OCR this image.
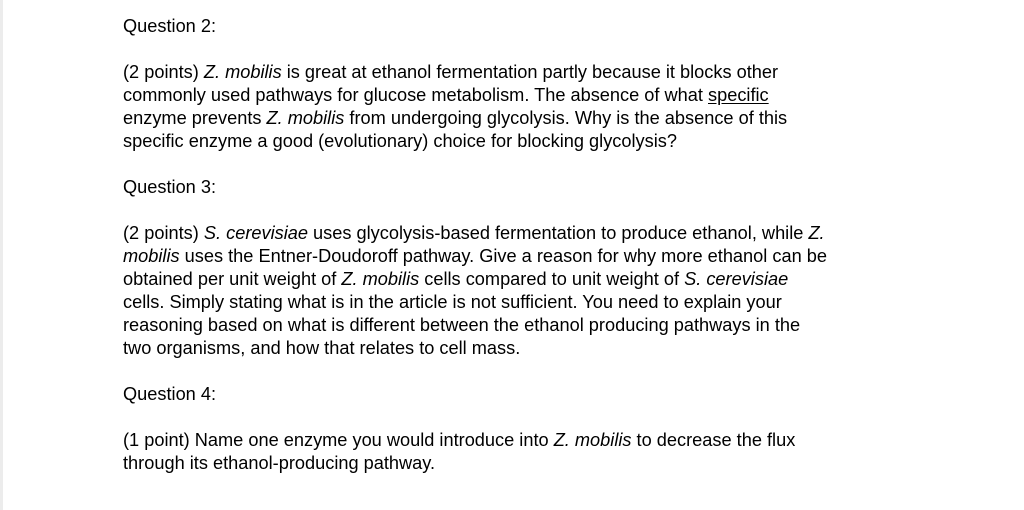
Question 2:

(2 points) Z. mobilis is great at ethanol fermentation partly because it blocks other
commonly used pathways for glucose metabolism. The absence of what specific
enzyme prevents Z. mobilis from undergoing glycolysis. Why is the absence of this
specific enzyme a good (evolutionary) choice for blocking glycolysis?

Question 3:

(2 points) S. cerevisiae uses glycolysis-based fermentation to produce ethanol, while Z.
mobilis uses the Entner-Doudoroff pathway. Give a reason for why more ethanol can be
obtained per unit weight of Z. mobilis cells compared to unit weight of S. cerevisiae
cells. Simply stating what is in the article is not sufficient. You need to explain your
reasoning based on what is different between the ethanol producing pathways in the
two organisms, and how that relates to cell mass.

Question 4:

(1 point) Name one enzyme you would introduce into Z. mobilis to decrease the flux
through its ethanol-producing pathway.
